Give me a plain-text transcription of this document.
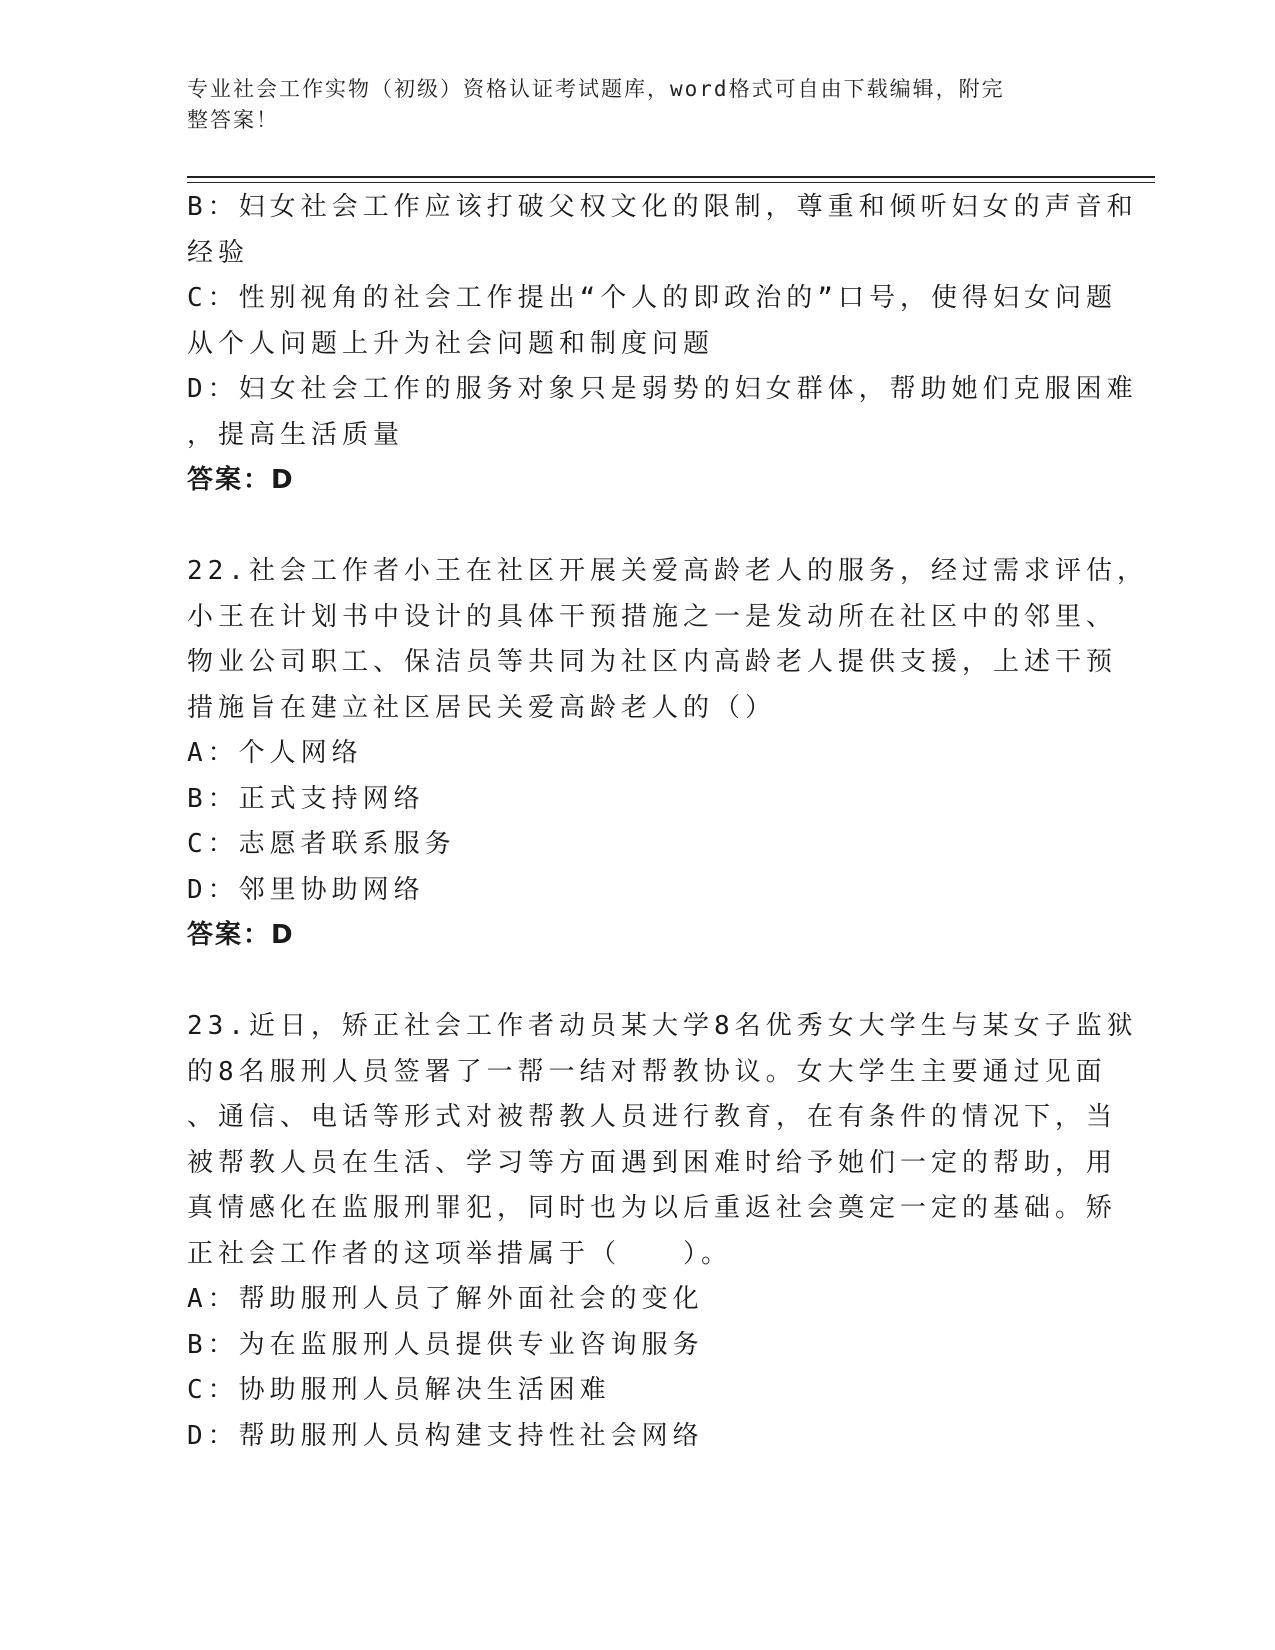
专业社会工作实物（初级）资格认证考试题库，word格式可自由下载编辑，附完
整答案！
B：妇女社会工作应该打破父权文化的限制，尊重和倾听妇女的声音和
经验
C：性别视角的社会工作提出“个人的即政治的”口号，使得妇女问题
从个人问题上升为社会问题和制度问题
D：妇女社会工作的服务对象只是弱势的妇女群体，帮助她们克服困难
，提高生活质量
答案：D
22.社会工作者小王在社区开展关爱高龄老人的服务，经过需求评估，
小王在计划书中设计的具体干预措施之一是发动所在社区中的邻里、
物业公司职工、保洁员等共同为社区内高龄老人提供支援，上述干预
措施旨在建立社区居民关爱高龄老人的（）
A：个人网络
B：正式支持网络
C：志愿者联系服务
D：邻里协助网络
答案：D
23.近日，矫正社会工作者动员某大学8名优秀女大学生与某女子监狱
的8名服刑人员签署了一帮一结对帮教协议。女大学生主要通过见面
、通信、电话等形式对被帮教人员进行教育，在有条件的情况下，当
被帮教人员在生活、学习等方面遇到困难时给予她们一定的帮助，用
真情感化在监服刑罪犯，同时也为以后重返社会奠定一定的基础。矫
正社会工作者的这项举措属于（　　）。
A：帮助服刑人员了解外面社会的变化
B：为在监服刑人员提供专业咨询服务
C：协助服刑人员解决生活困难
D：帮助服刑人员构建支持性社会网络
